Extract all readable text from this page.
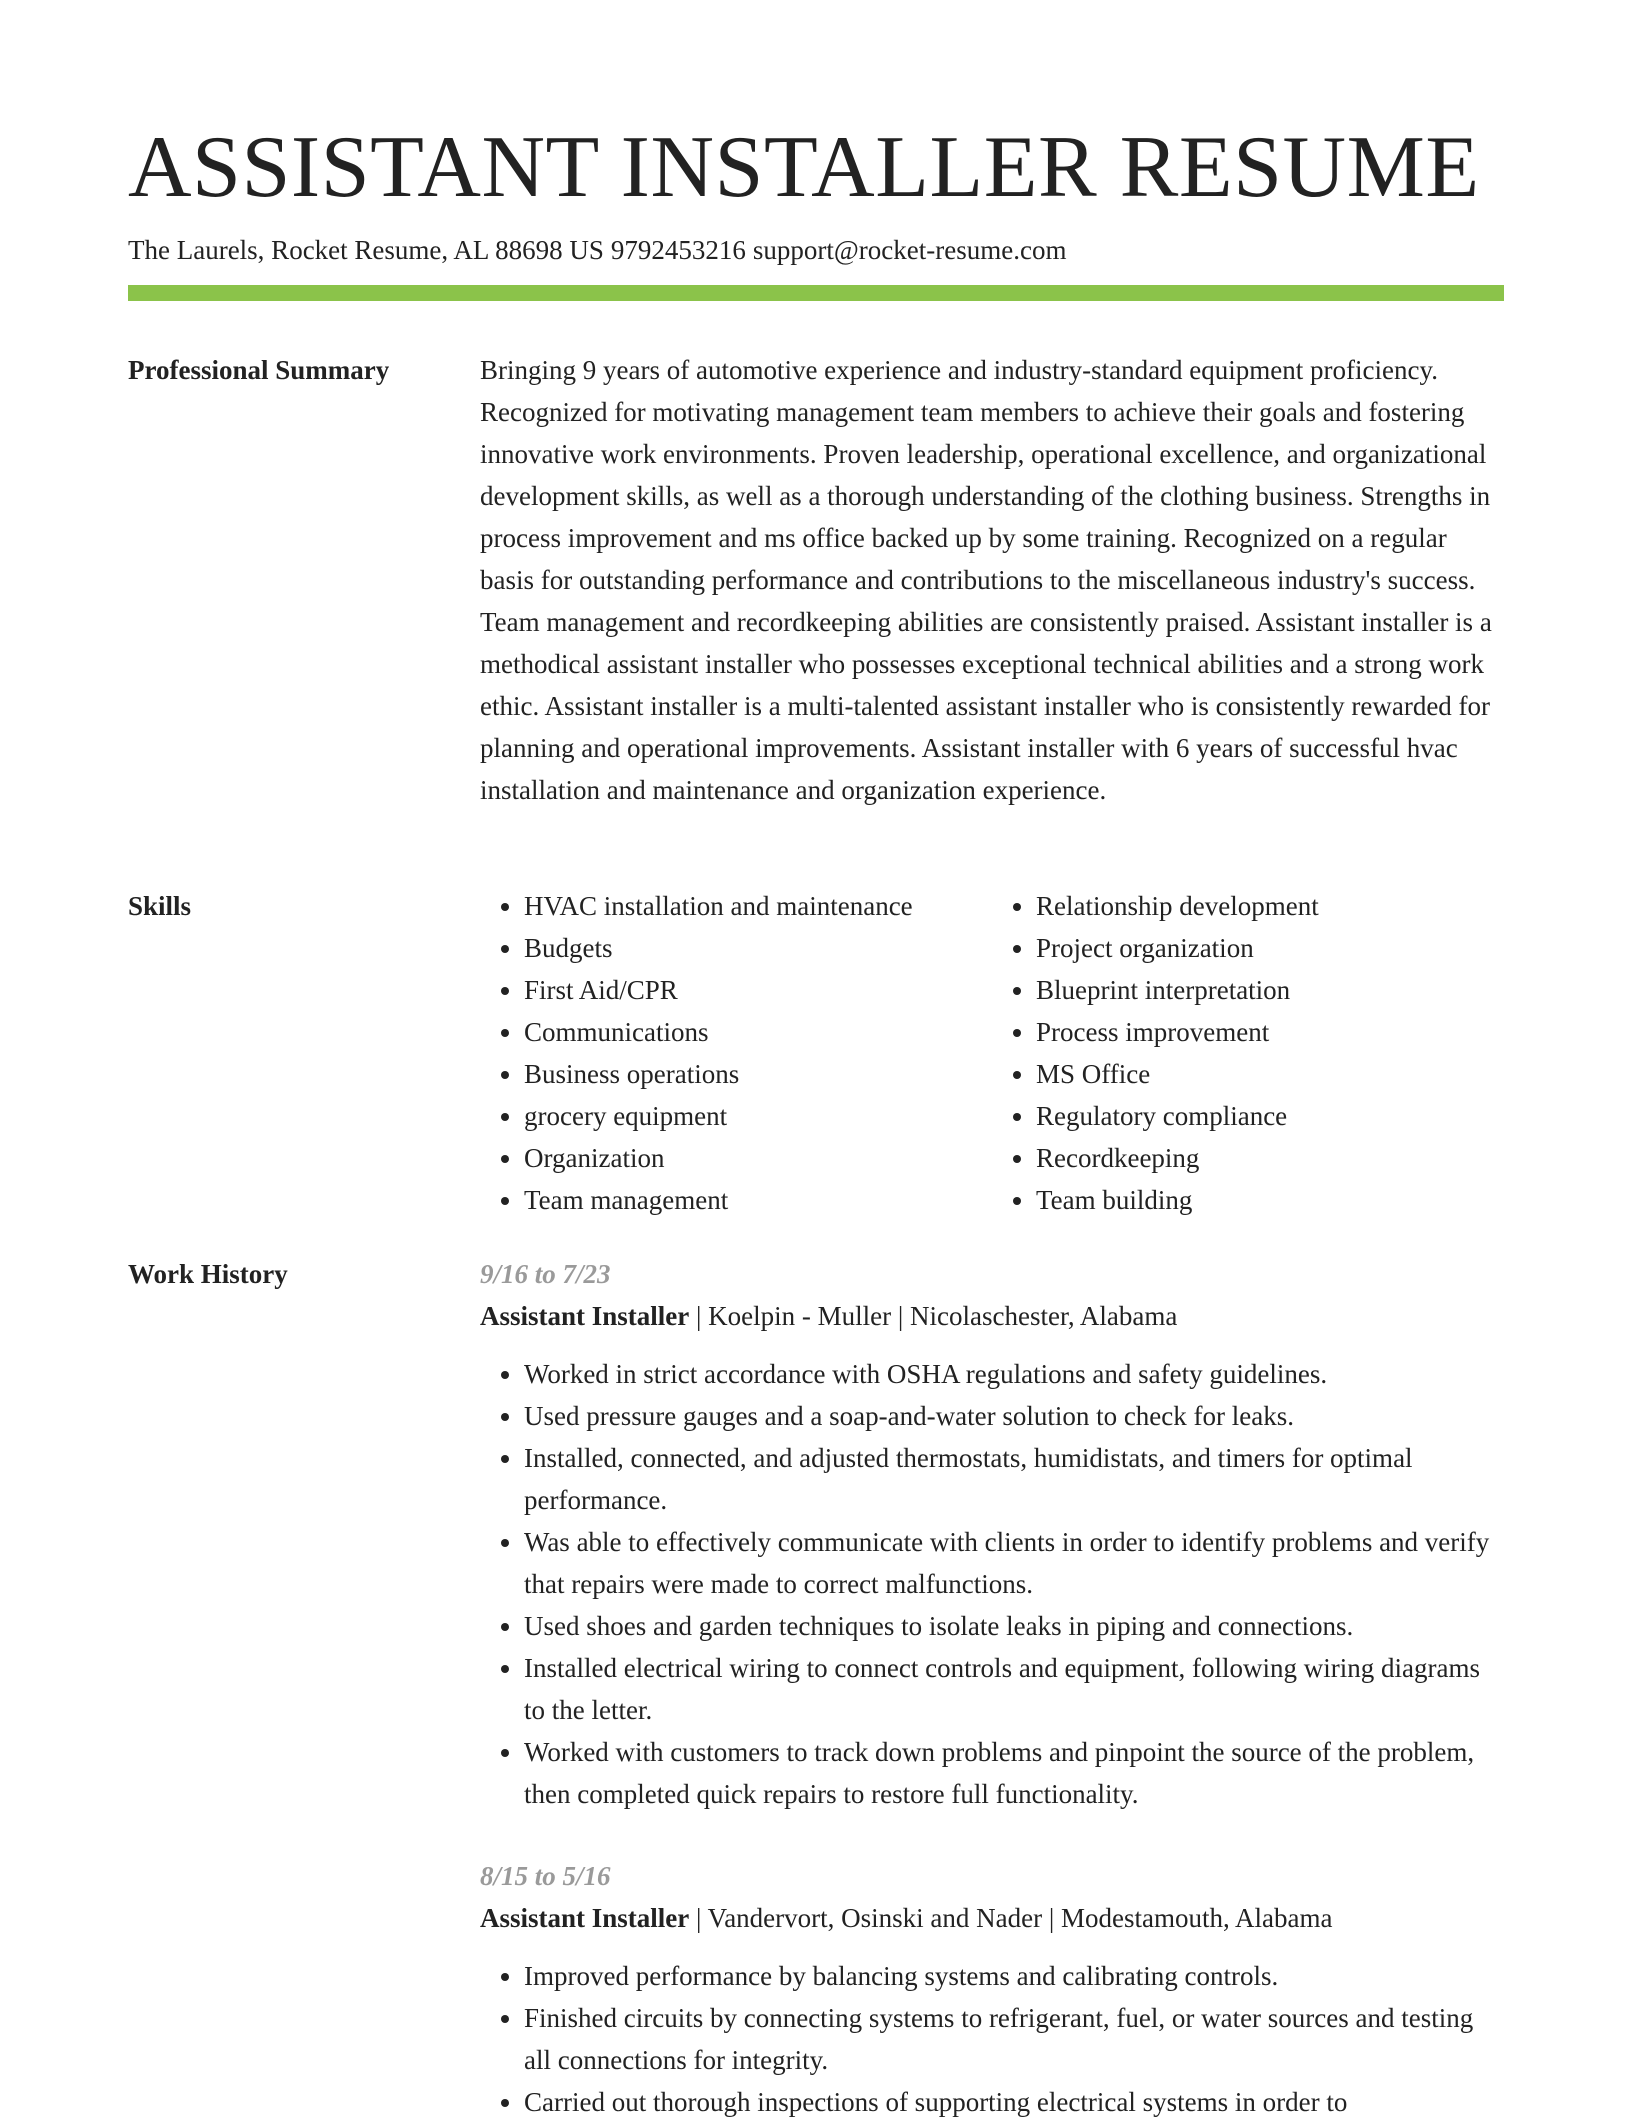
ASSISTANT INSTALLER RESUME
The Laurels, Rocket Resume, AL 88698 US 9792453216 support@rocket-resume.com
Professional Summary	Bringing 9 years of automotive experience and industry-standard equipment proficiency. Recognized for motivating management team members to achieve their goals and fostering innovative work environments. Proven leadership, operational excellence, and organizational development skills, as well as a thorough understanding of the clothing business. Strengths in process improvement and ms office backed up by some training. Recognized on a regular basis for outstanding performance and contributions to the miscellaneous industry's success. Team management and recordkeeping abilities are consistently praised. Assistant installer is a methodical assistant installer who possesses exceptional technical abilities and a strong work ethic. Assistant installer is a multi-talented assistant installer who is consistently rewarded for planning and operational improvements. Assistant installer with 6 years of successful hvac installation and maintenance and organization experience.

Skills
•	HVAC installation and maintenance
• Budgets
• First Aid/CPR
• Communications
• Business operations
• grocery equipment
• Organization
• Team management
• Relationship development
• Project organization
• Blueprint interpretation
• Process improvement
• MS Office
• Regulatory compliance
• Recordkeeping
• Team building
Work History	9/16 to 7/23
Assistant Installer | Koelpin - Muller | Nicolaschester, Alabama
• Worked in strict accordance with OSHA regulations and safety guidelines.
• Used pressure gauges and a soap-and-water solution to check for leaks.
• Installed, connected, and adjusted thermostats, humidistats, and timers for optimal performance.
• Was able to effectively communicate with clients in order to identify problems and verify that repairs were made to correct malfunctions.
• Used shoes and garden techniques to isolate leaks in piping and connections.
• Installed electrical wiring to connect controls and equipment, following wiring diagrams to the letter.
• Worked with customers to track down problems and pinpoint the source of the problem, then completed quick repairs to restore full functionality.
8/15 to 5/16
Assistant Installer | Vandervort, Osinski and Nader | Modestamouth, Alabama
• Improved performance by balancing systems and calibrating controls.
• Finished circuits by connecting systems to refrigerant, fuel, or water sources and testing all connections for integrity.
• Carried out thorough inspections of supporting electrical systems in order to
